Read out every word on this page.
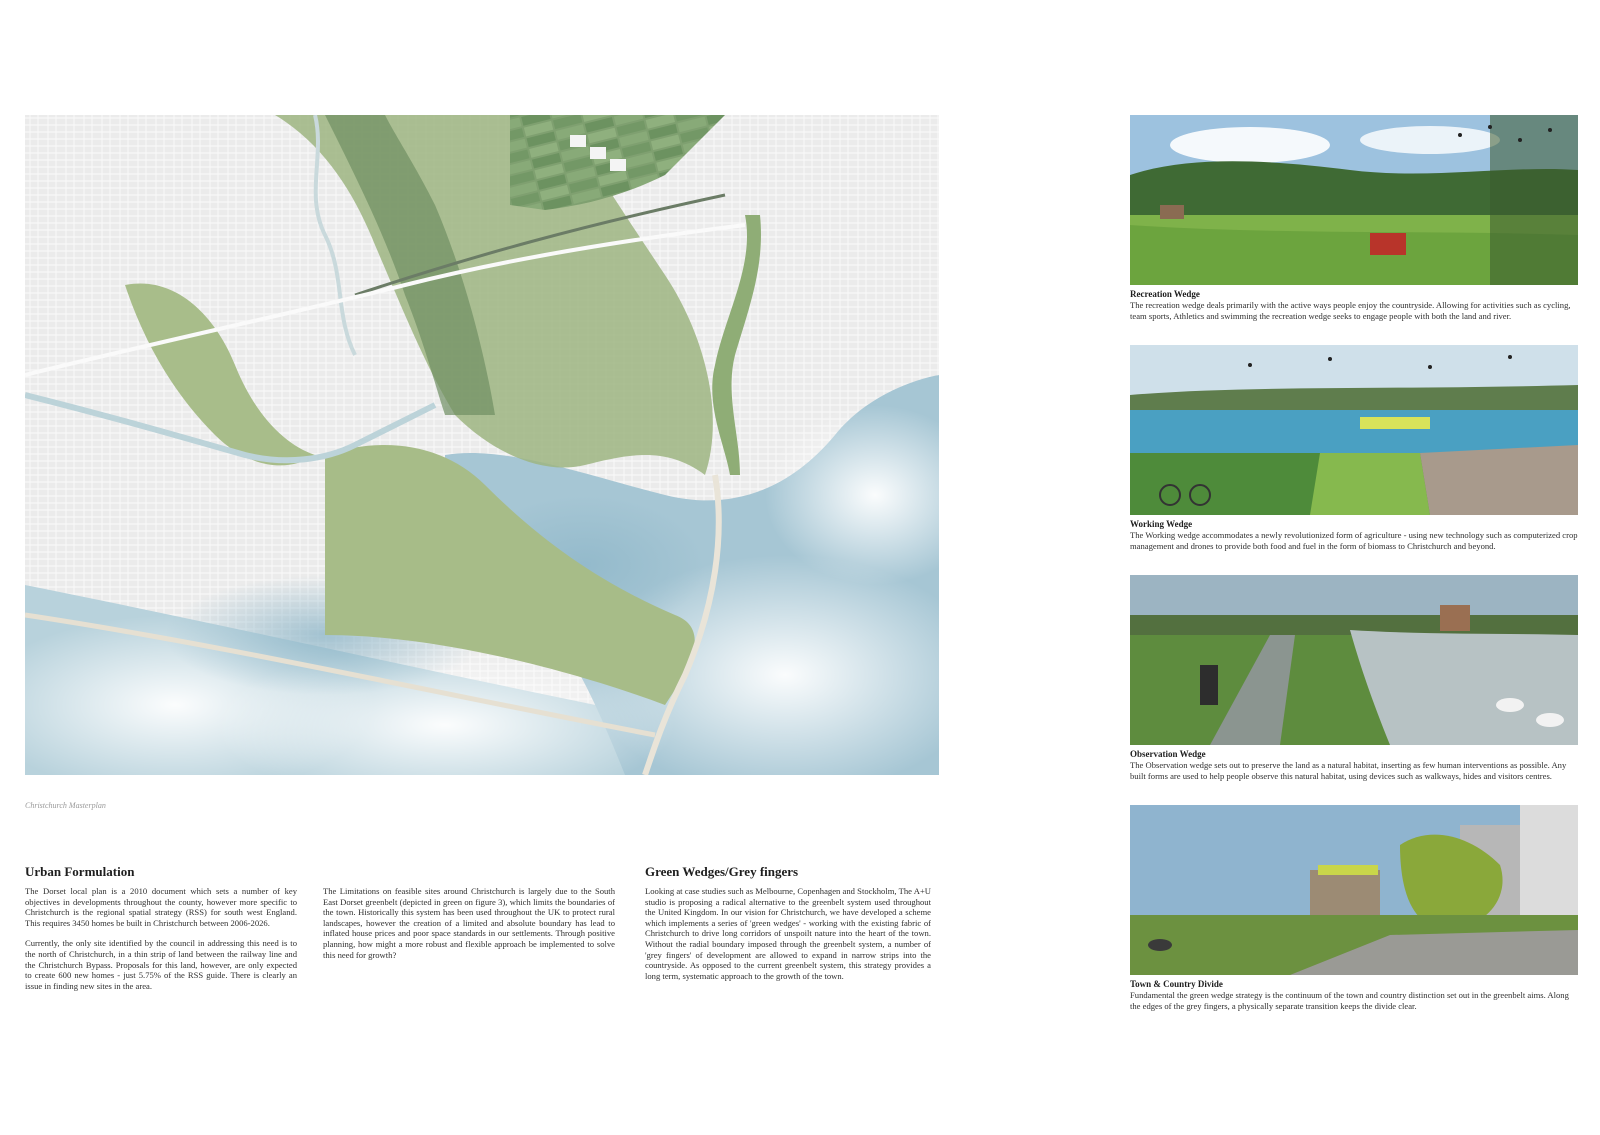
Christchurch Masterplan
Urban Formulation

The Dorset local plan is a 2010 document which sets a number of key objectives in developments throughout the county, however more specific to Christchurch is the regional spatial strategy (RSS) for south west England. This requires 3450 homes be built in Christchurch between 2006-2026.

Currently, the only site identified by the council in addressing this need is to the north of Christchurch, in a thin strip of land between the railway line and the Christchurch Bypass. Proposals for this land, however, are only expected to create 600 new homes - just 5.75% of the RSS guide. There is clearly an issue in finding new sites in the area.

The Limitations on feasible sites around Christchurch is largely due to the South East Dorset greenbelt (depicted in green on figure 3), which limits the boundaries of the town. Historically this system has been used throughout the UK to protect rural landscapes, however the creation of a limited and absolute boundary has lead to inflated house prices and poor space standards in our settlements. Through positive planning, how might a more robust and flexible approach be implemented to solve this need for growth?

Green Wedges/Grey fingers

Looking at case studies such as Melbourne, Copenhagen and Stockholm, The A+U studio is proposing a radical alternative to the greenbelt system used throughout the United Kingdom. In our vision for Christchurch, we have developed a scheme which implements a series of 'green wedges' - working with the existing fabric of Christchurch to drive long corridors of unspoilt nature into the heart of the town. Without the radial boundary imposed through the greenbelt system, a number of 'grey fingers' of development are allowed to expand in narrow strips into the countryside. As opposed to the current greenbelt system, this strategy provides a long term, systematic approach to the growth of the town.

Recreation Wedge
The recreation wedge deals primarily with the active ways people enjoy the countryside. Allowing for activities such as cycling, team sports, Athletics and swimming the recreation wedge seeks to engage people with both the land and river.
Working Wedge
The Working wedge accommodates a newly revolutionized form of agriculture - using new technology such as computerized crop management and drones to provide both food and fuel in the form of biomass to Christchurch and beyond.
Observation Wedge
The Observation wedge sets out to preserve the land as a natural habitat, inserting as few human interventions as possible. Any built forms are used to help people observe this natural habitat, using devices such as walkways, hides and visitors centres.
Town & Country Divide
Fundamental the green wedge strategy is the continuum of the town and country distinction set out in the greenbelt aims. Along the edges of the grey fingers, a physically separate transition keeps the divide clear.
